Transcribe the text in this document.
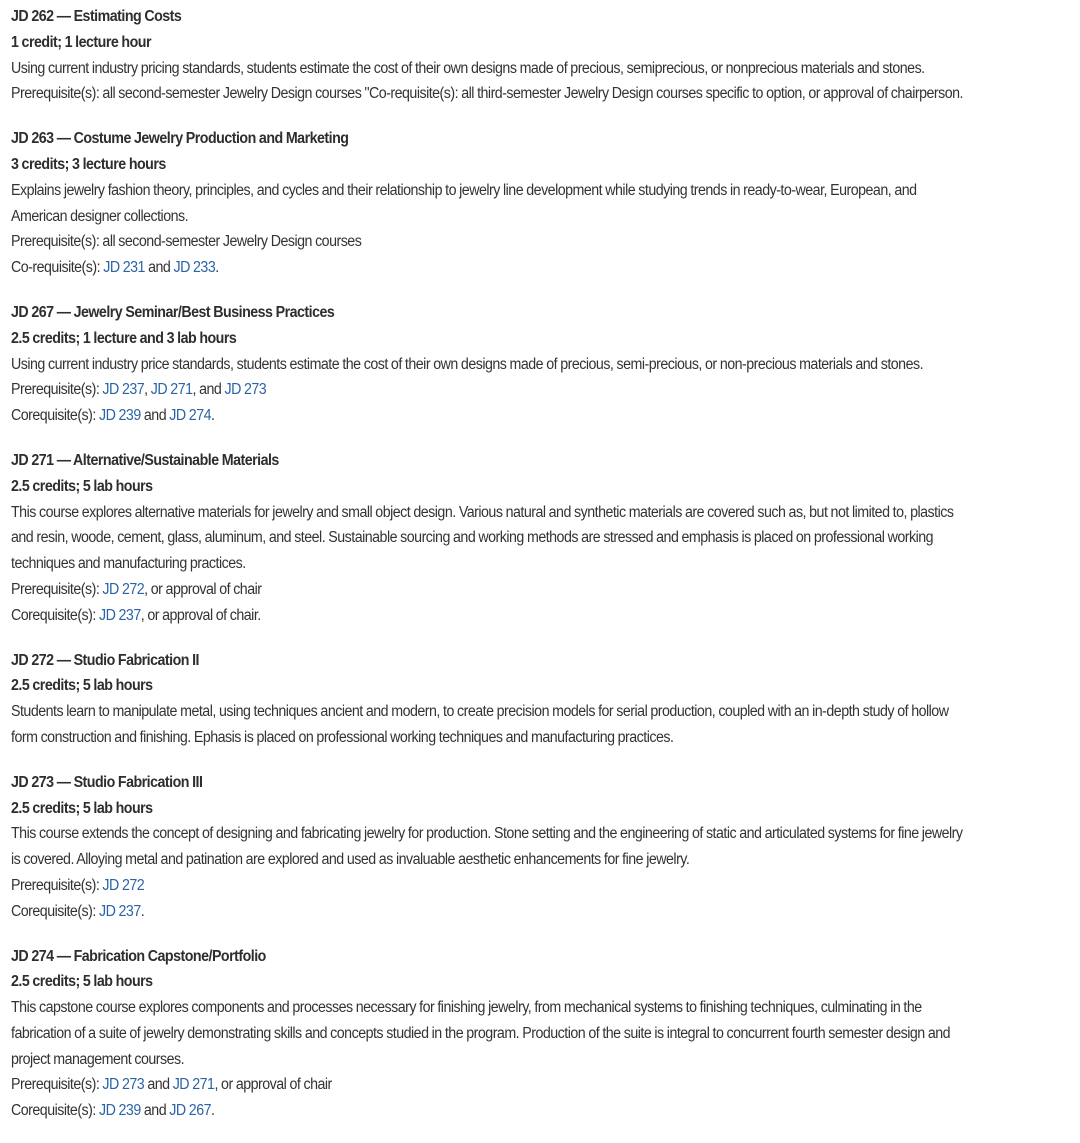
JD 262 — Estimating Costs
1 credit; 1 lecture hour
Using current industry pricing standards, students estimate the cost of their own designs made of precious, semiprecious, or nonprecious materials and stones.
Prerequisite(s): all second-semester Jewelry Design courses "Co-requisite(s): all third-semester Jewelry Design courses specific to option, or approval of chairperson.
JD 263 — Costume Jewelry Production and Marketing
3 credits; 3 lecture hours
Explains jewelry fashion theory, principles, and cycles and their relationship to jewelry line development while studying trends in ready-to-wear, European, and
American designer collections.
Prerequisite(s): all second-semester Jewelry Design courses
Co-requisite(s): JD 231 and JD 233.
JD 267 — Jewelry Seminar/Best Business Practices
2.5 credits; 1 lecture and 3 lab hours
Using current industry price standards, students estimate the cost of their own designs made of precious, semi-precious, or non-precious materials and stones.
Prerequisite(s): JD 237, JD 271, and JD 273
Corequisite(s): JD 239 and JD 274.
JD 271 — Alternative/Sustainable Materials
2.5 credits; 5 lab hours
This course explores alternative materials for jewelry and small object design. Various natural and synthetic materials are covered such as, but not limited to, plastics
and resin, woode, cement, glass, aluminum, and steel. Sustainable sourcing and working methods are stressed and emphasis is placed on professional working
techniques and manufacturing practices.
Prerequisite(s): JD 272, or approval of chair
Corequisite(s): JD 237, or approval of chair.
JD 272 — Studio Fabrication II
2.5 credits; 5 lab hours
Students learn to manipulate metal, using techniques ancient and modern, to create precision models for serial production, coupled with an in-depth study of hollow
form construction and finishing. Ephasis is placed on professional working techniques and manufacturing practices.
JD 273 — Studio Fabrication III
2.5 credits; 5 lab hours
This course extends the concept of designing and fabricating jewelry for production. Stone setting and the engineering of static and articulated systems for fine jewelry
is covered. Alloying metal and patination are explored and used as invaluable aesthetic enhancements for fine jewelry.
Prerequisite(s): JD 272
Corequisite(s): JD 237.
JD 274 — Fabrication Capstone/Portfolio
2.5 credits; 5 lab hours
This capstone course explores components and processes necessary for finishing jewelry, from mechanical systems to finishing techniques, culminating in the
fabrication of a suite of jewelry demonstrating skills and concepts studied in the program. Production of the suite is integral to concurrent fourth semester design and
project management courses.
Prerequisite(s): JD 273 and JD 271, or approval of chair
Corequisite(s): JD 239 and JD 267.
